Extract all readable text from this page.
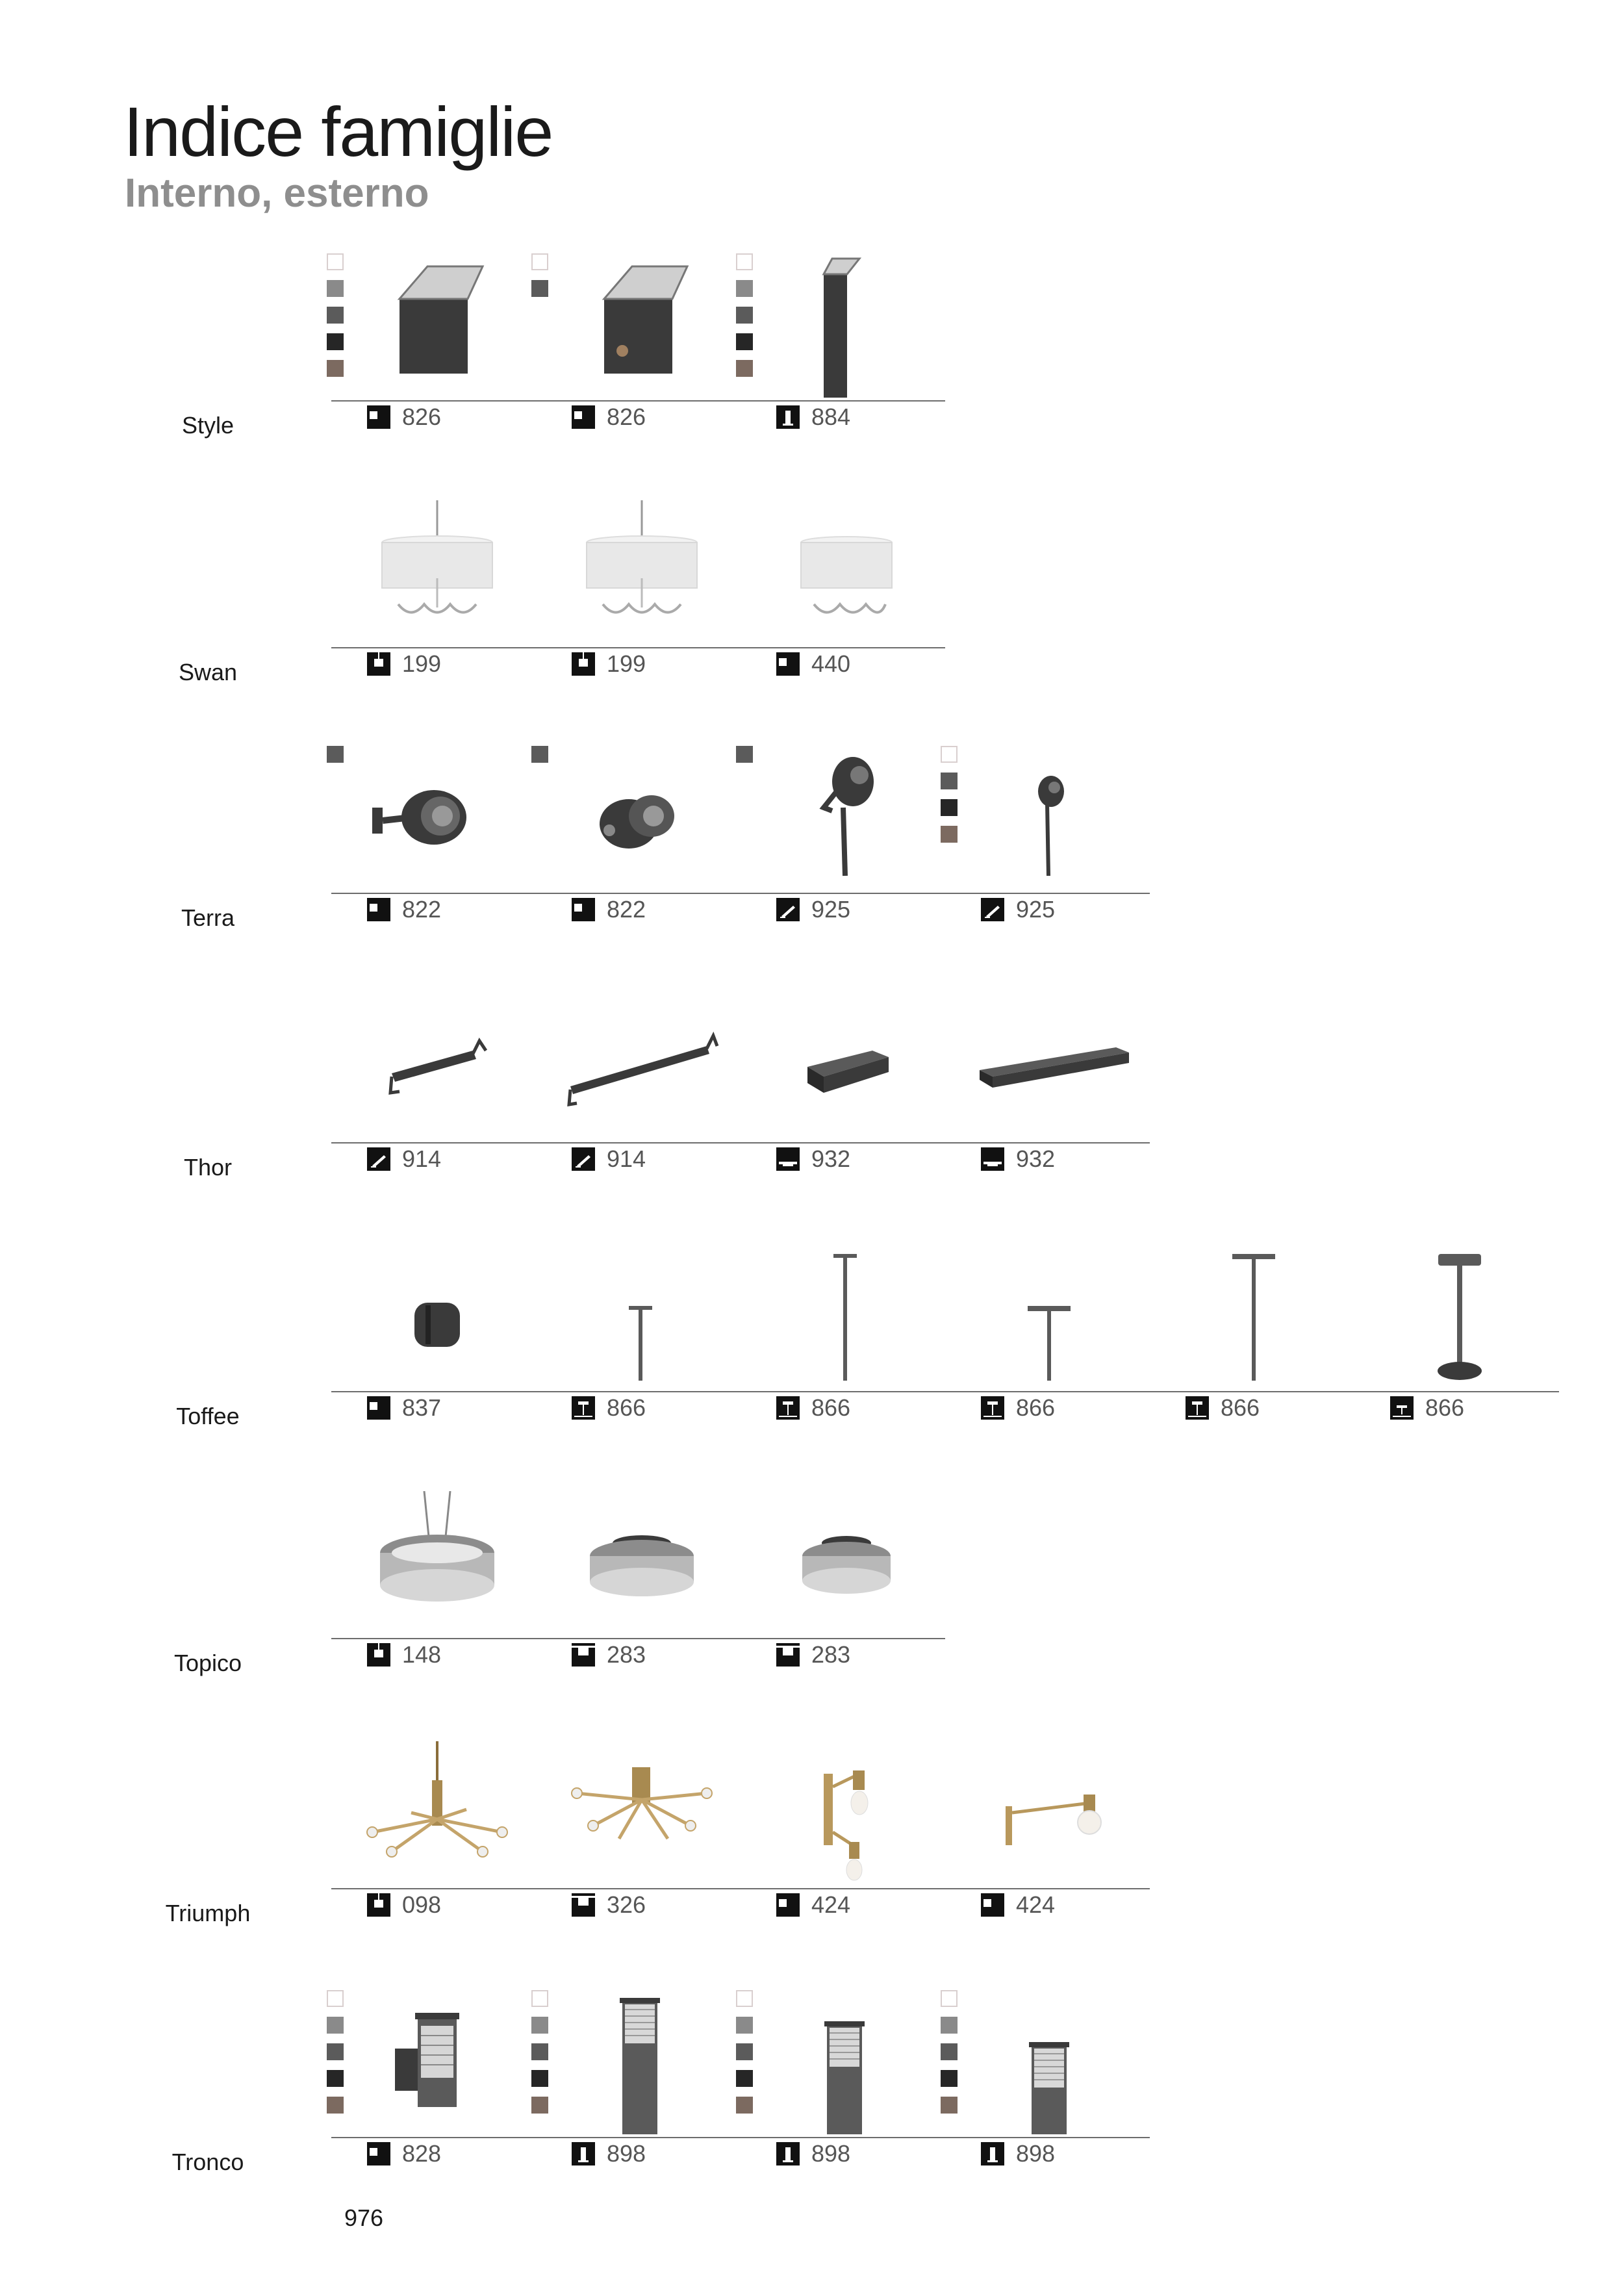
Indice famiglie
Interno, esterno
Style	826	826	884
Swan	199	199	440
Terra	822	822	925	925
Thor	914	914	932	932
Toffee	837	866	866	866	866	866
Topico	148	283	283
Triumph	098	326	424	424
Tronco	828	898	898	898
976
